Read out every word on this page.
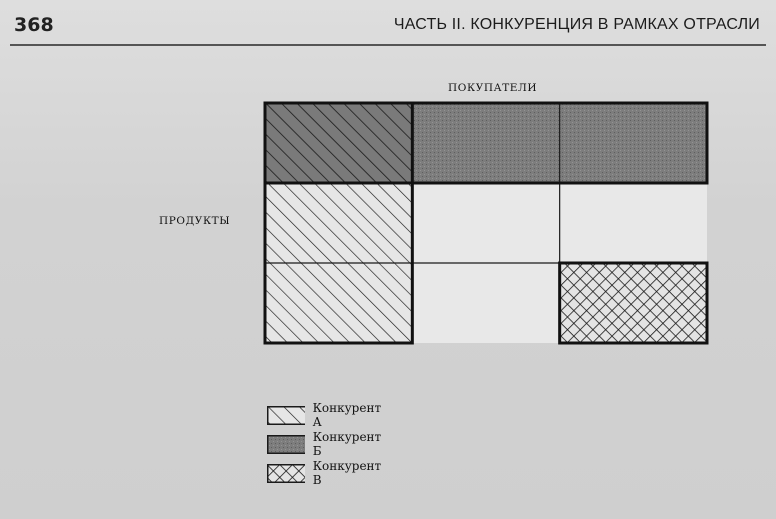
368	ЧАСТЬ II. КОНКУРЕНЦИЯ В РАМКАХ ОТРАСЛИ
ПОКУПАТЕЛИ
ПРОДУКТЫ
Конкурент А
Конкурент Б
Конкурент В
